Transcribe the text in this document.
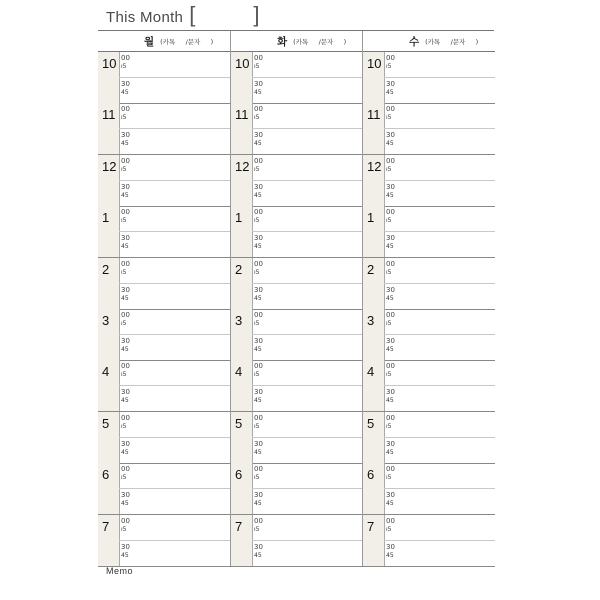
This Month [	]
월 (카톡     /문자     )
10 00
ı5
30
45
11 00
ı5
30
45
12 00
ı5
30
45
1 00
ı5
30
45
2 00
ı5
30
45
3 00
ı5
30
45
4 00
ı5
30
45
5 00
ı5
30
45
6 00
ı5
30
45
7 00
ı5
30
45
화 (카톡     /문자     )
10 00
ı5
30
45
11 00
ı5
30
45
12 00
ı5
30
45
1 00
ı5
30
45
2 00
ı5
30
45
3 00
ı5
30
45
4 00
ı5
30
45
5 00
ı5
30
45
6 00
ı5
30
45
7 00
ı5
30
45
수 (카톡     /문자     )
10 00
ı5
30
45
11 00
ı5
30
45
12 00
ı5
30
45
1 00
ı5
30
45
2 00
ı5
30
45
3 00
ı5
30
45
4 00
ı5
30
45
5 00
ı5
30
45
6 00
ı5
30
45
7 00
ı5
30
45
Memo
